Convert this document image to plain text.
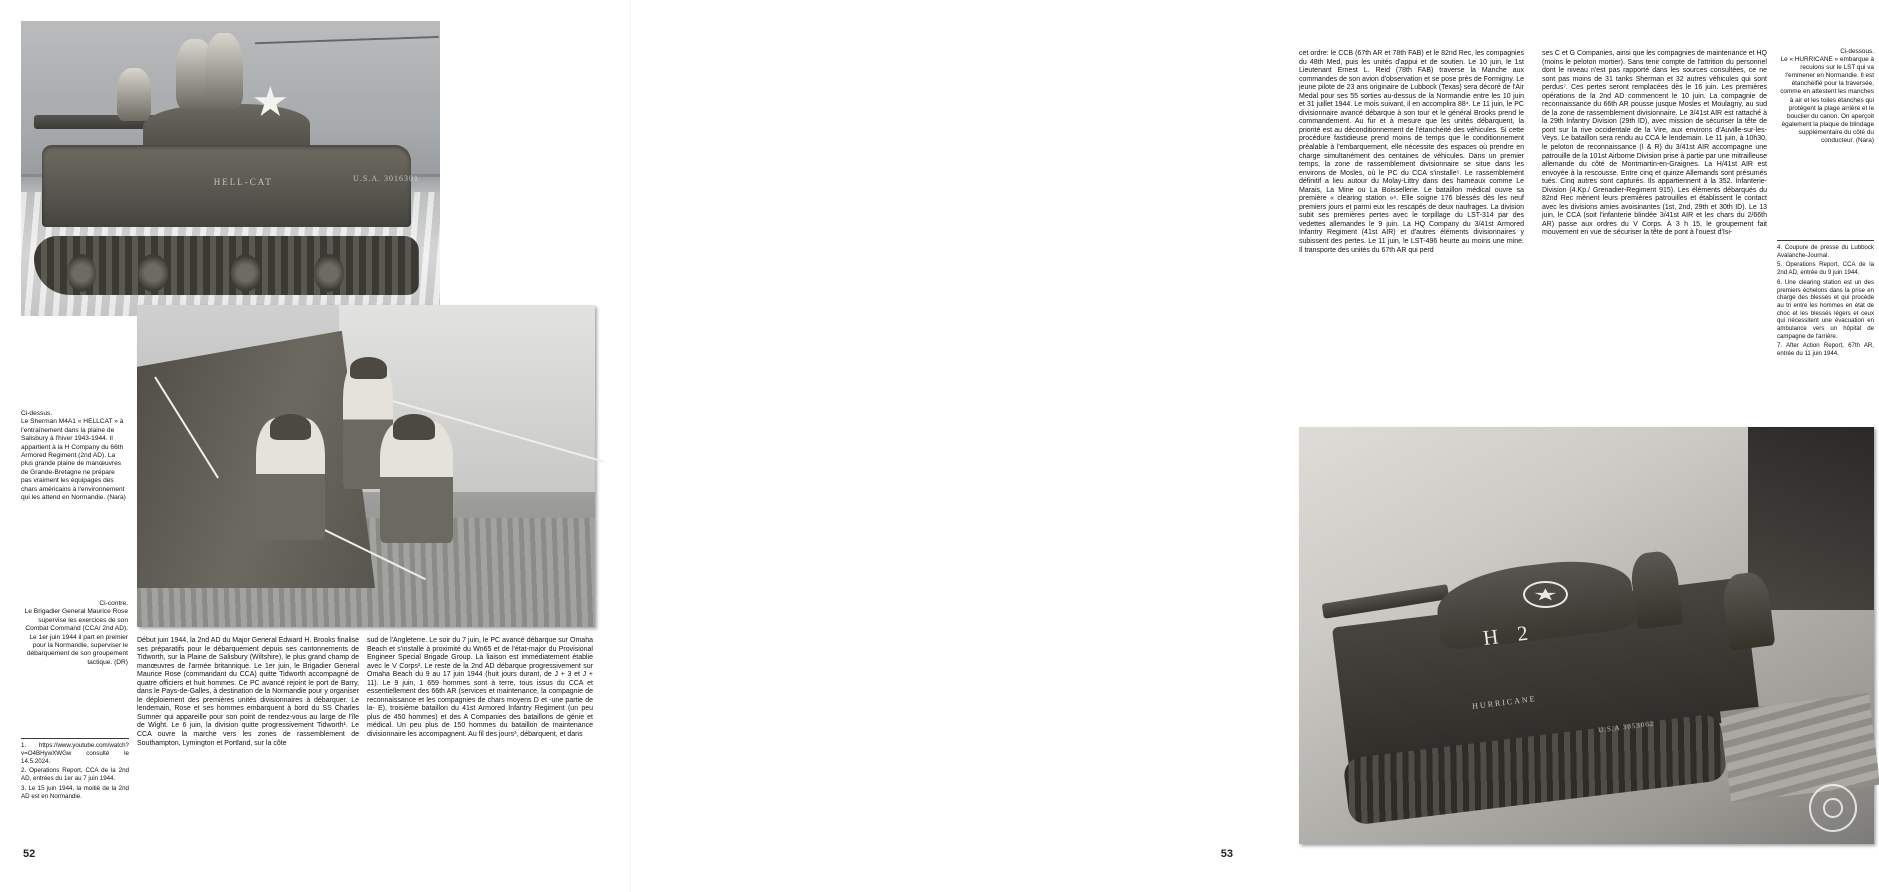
HELL-CAT	U.S.A. 3016301

Ci-dessus.

Le Sherman M4A1 « HELLCAT » à l'entraînement dans la plaine de Salisbury à l'hiver 1943-1944. Il appartient à la H Company du 66th Armored Regiment (2nd AD). La plus grande plaine de manœuvres de Grande-Bretagne ne prépare pas vraiment les équipages des chars américains à l'environnement qui les attend en Normandie. (Nara)

Ci-contre.

Le Brigadier General Maurice Rose supervise les exercices de son Combat Command (CCA/ 2nd AD). Le 1er juin 1944 il part en premier pour la Normandie, superviser le débarquement de son groupement tactique. (DR)

1. https://www.youtube.com/watch?v=O4BHywXWGw consulté le 14.5.2024.

2. Operations Report, CCA de la 2nd AD, entrées du 1er au 7 juin 1944.

3. Le 15 juin 1944, la moitié de la 2nd AD est en Normandie.

Début juin 1944, la 2nd AD du Major General Edward H. Brooks finalise ses préparatifs pour le débarquement depuis ses cantonnements de Tidworth, sur la Plaine de Salisbury (Wiltshire), le plus grand champ de manœuvres de l'armée britannique. Le 1er juin, le Brigadier General Maurice Rose (commandant du CCA) quitte Tidworth accompagné de quatre officiers et huit hommes. Ce PC avancé rejoint le port de Barry, dans le Pays-de-Galles, à destination de la Normandie pour y organiser le déploiement des premières unités divisionnaires à débarquer. Le lendemain, Rose et ses hommes embarquent à bord du SS Charles Sumner qui appareille pour son point de rendez-vous au large de l'île de Wight. Le 6 juin, la division quitte progressivement Tidworth¹. Le CCA ouvre la marche vers les zones de rassemblement de Southampton, Lymington et Portland, sur la côte

sud de l'Angleterre. Le soir du 7 juin, le PC avancé débarque sur Omaha Beach et s'installe à proximité du Wn65 et de l'état-major du Provisional Engineer Special Brigade Group. La liaison est immédiatement établie avec le V Corps². Le reste de la 2nd AD débarque progressivement sur Omaha Beach du 9 au 17 juin 1944 (huit jours durant, de J + 3 et J + 11). Le 9 juin, 1 659 hommes sont à terre, tous issus du CCA et essentiellement des 66th AR (services et maintenance, la compagnie de reconnaissance et les compagnies de chars moyens D et -une partie de la- E), troisième bataillon du 41st Armored Infantry Regiment (un peu plus de 450 hommes) et des A Companies des bataillons de génie et médical. Un peu plus de 150 hommes du bataillon de maintenance divisionnaire les accompagnent. Au fil des jours³, débarquent, et dans

52

cet ordre: le CCB (67th AR et 78th FAB) et le 82nd Rec, les compagnies du 48th Med, puis les unités d'appui et de soutien. Le 10 juin, le 1st Lieutenant Ernest L. Reid (78th FAB) traverse la Manche aux commandes de son avion d'observation et se pose près de Formigny. Le jeune pilote de 23 ans originaire de Lubbock (Texas) sera décoré de l'Air Medal pour ses 55 sorties au-dessus de la Normandie entre les 10 juin et 31 juillet 1944. Le mois suivant, il en accomplira 88⁴. Le 11 juin, le PC divisionnaire avancé débarque à son tour et le général Brooks prend le commandement. Au fur et à mesure que les unités débarquent, la priorité est au déconditionnement de l'étanchéité des véhicules. Si cette procédure fastidieuse prend moins de temps que le conditionnement préalable à l'embarquement, elle nécessite des espaces où prendre en charge simultanément des centaines de véhicules. Dans un premier temps, la zone de rassemblement divisionnaire se situe dans les environs de Mosles, où le PC du CCA s'installe⁵. Le rassemblement définitif a lieu autour du Molay-Littry dans des hameaux comme Le Marais, La Mine ou La Boissellerie. Le bataillon médical ouvre sa première « clearing station »⁶. Elle soigne 176 blessés dès les neuf premiers jours et parmi eux les rescapés de deux naufrages. La division subit ses premières pertes avec le torpillage du LST-314 par des vedettes allemandes le 9 juin. La HQ Company du 3/41st Armored Infantry Regiment (41st AIR) et d'autres éléments divisionnaires y subissent des pertes. Le 11 juin, le LST-496 heurte au moins une mine. Il transporte des unités du 67th AR qui perd

ses C et G Companies, ainsi que les compagnies de maintenance et HQ (moins le peloton mortier). Sans tenir compte de l'attrition du personnel dont le niveau n'est pas rapporté dans les sources consultées, ce ne sont pas moins de 31 tanks Sherman et 32 autres véhicules qui sont perdus⁷. Ces pertes seront remplacées dès le 16 juin. Les premières opérations de la 2nd AD commencent le 10 juin. La compagnie de reconnaissance du 66th AR pousse jusque Mosles et Moulagny, au sud de la zone de rassemblement divisionnaire. Le 3/41st AIR est rattaché à la 29th Infantry Division (29th ID), avec mission de sécuriser la tête de pont sur la rive occidentale de la Vire, aux environs d'Auville-sur-les-Veys. Le bataillon sera rendu au CCA le lendemain. Le 11 juin, à 10h30, le peloton de reconnaissance (I & R) du 3/41st AIR accompagne une patrouille de la 101st Airborne Division prise à partie par une mitrailleuse allemande du côté de Montmartin-en-Graignes. La H/41st AIR est envoyée à la rescousse. Entre cinq et quinze Allemands sont présumés tués. Cinq autres sont capturés. Ils appartiennent à la 352. Infanterie-Division (4.Kp./ Grenadier-Regiment 915). Les éléments débarqués du 82nd Rec mènent leurs premières patrouilles et établissent le contact avec les divisions amies avoisinantes (1st, 2nd, 29th et 30th ID). Le 13 juin, le CCA (soit l'infanterie blindée 3/41st AIR et les chars du 2/66th AR) passe aux ordres du V Corps. À 3 h 15, le groupement fait mouvement en vue de sécuriser la tête de pont à l'ouest d'Isi-

Ci-dessous.

Le « HURRICANE » embarque à reculons sur le LST qui va l'emmener en Normandie. Il est étanchéifié pour la traversée, comme en attestent les manches à air et les toiles étanches qui protègent la plage arrière et le bouclier du canon. On aperçoit également la plaque de blindage supplémentaire du côté du conducteur. (Nara)

4. Coupure de presse du Lubbock Avalanche-Journal.

5. Operations Report, CCA de la 2nd AD, entrée du 9 juin 1944.

6. Une clearing station est un des premiers échelons dans la prise en charge des blessés et qui procède au tri entre les hommes en état de choc et les blessés légers et ceux qui nécessitent une évacuation en ambulance vers un hôpital de campagne de l'arrière.

7. After Action Report, 67th AR, entrée du 11 juin 1944.

H 2
HURRICANE
U.S.A 3053062
53
